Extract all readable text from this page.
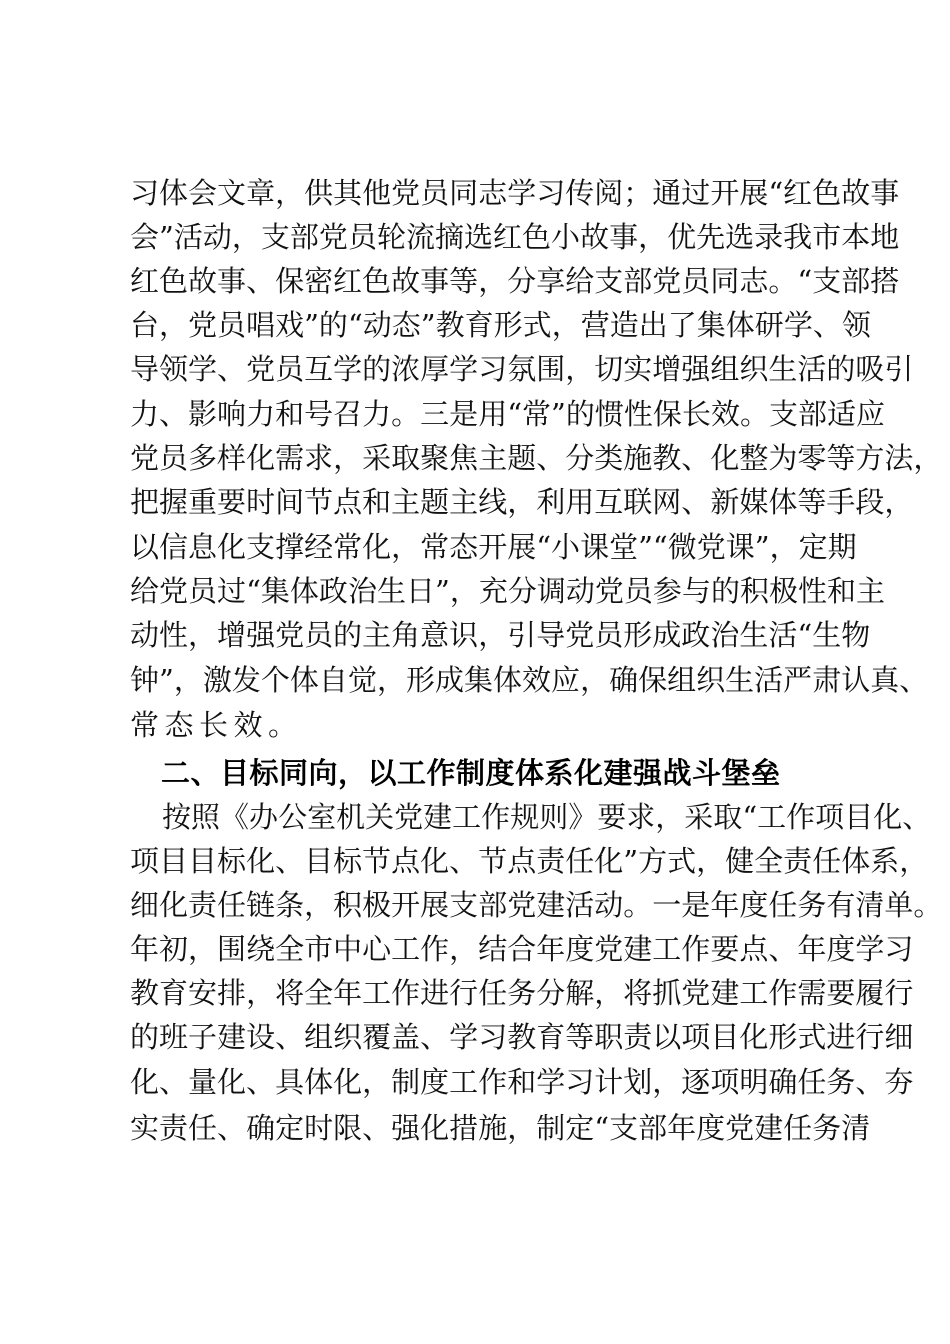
习 体 会 文 章 ， 供 其 他 党 员 同 志 学 习 传 阅 ； 通 过 开 展 “ 红 色 故 事
会 ” 活 动 ， 支 部 党 员 轮 流 摘 选 红 色 小 故 事 ， 优 先 选 录 我 市 本 地
红 色 故 事 、 保 密 红 色 故 事 等 ， 分 享 给 支 部 党 员 同 志 。 “ 支 部 搭
台 ， 党 员 唱 戏 ” 的 “ 动 态 ” 教 育 形 式 ， 营 造 出 了 集 体 研 学 、 领
导 领 学 、 党 员 互 学 的 浓 厚 学 习 氛 围 ， 切 实 增 强 组 织 生 活 的 吸 引
力 、 影 响 力 和 号 召 力 。 三 是 用 “ 常 ” 的 惯 性 保 长 效 。 支 部 适 应
党 员 多 样 化 需 求 ， 采 取 聚 焦 主 题 、 分 类 施 教 、 化 整 为 零 等 方 法 ，
把 握 重 要 时 间 节 点 和 主 题 主 线 ， 利 用 互 联 网 、 新 媒 体 等 手 段 ，
以 信 息 化 支 撑 经 常 化 ， 常 态 开 展 “ 小 课 堂 ” “ 微 党 课 ” ， 定 期
给 党 员 过 “ 集 体 政 治 生 日 ” ， 充 分 调 动 党 员 参 与 的 积 极 性 和 主
动 性 ， 增 强 党 员 的 主 角 意 识 ， 引 导 党 员 形 成 政 治 生 活 “ 生 物
钟 ” ， 激 发 个 体 自 觉 ， 形 成 集 体 效 应 ， 确 保 组 织 生 活 严 肃 认 真 、
常态长效。
二、目标同向，以工作制度体系化建强战斗堡垒
按 照 《 办 公 室 机 关 党 建 工 作 规 则 》 要 求 ， 采 取 “ 工 作 项 目 化 、
项 目 目 标 化 、 目 标 节 点 化 、 节 点 责 任 化 ” 方 式 ， 健 全 责 任 体 系 ，
细 化 责 任 链 条 ， 积 极 开 展 支 部 党 建 活 动 。 一 是 年 度 任 务 有 清 单 。
年 初 ， 围 绕 全 市 中 心 工 作 ， 结 合 年 度 党 建 工 作 要 点 、 年 度 学 习
教 育 安 排 ， 将 全 年 工 作 进 行 任 务 分 解 ， 将 抓 党 建 工 作 需 要 履 行
的 班 子 建 设 、 组 织 覆 盖 、 学 习 教 育 等 职 责 以 项 目 化 形 式 进 行 细
化 、 量 化 、 具 体 化 ， 制 度 工 作 和 学 习 计 划 ， 逐 项 明 确 任 务 、 夯
实 责 任 、 确 定 时 限 、 强 化 措 施 ， 制 定 “ 支 部 年 度 党 建 任 务 清
